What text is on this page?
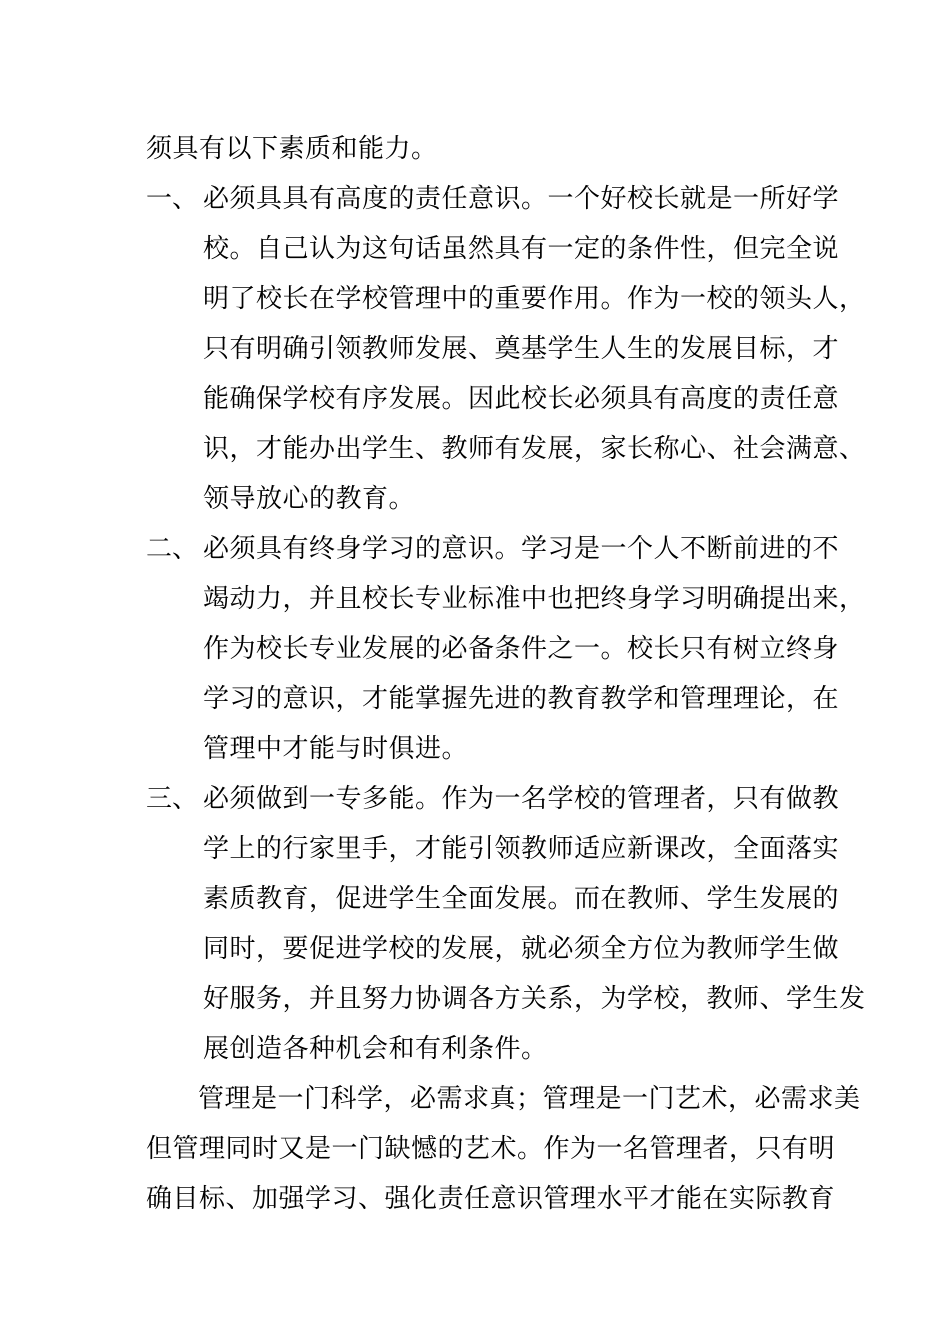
须具有以下素质和能力。
一、 必须具具有高度的责任意识。一个好校长就是一所好学
校。自己认为这句话虽然具有一定的条件性，但完全说
明了校长在学校管理中的重要作用。作为一校的领头人，
只有明确引领教师发展、奠基学生人生的发展目标，才
能确保学校有序发展。因此校长必须具有高度的责任意
识，才能办出学生、教师有发展，家长称心、社会满意、
领导放心的教育。
二、 必须具有终身学习的意识。学习是一个人不断前进的不
竭动力，并且校长专业标准中也把终身学习明确提出来，
作为校长专业发展的必备条件之一。校长只有树立终身
学习的意识，才能掌握先进的教育教学和管理理论，在
管理中才能与时俱进。
三、 必须做到一专多能。作为一名学校的管理者，只有做教
学上的行家里手，才能引领教师适应新课改，全面落实
素质教育，促进学生全面发展。而在教师、学生发展的
同时，要促进学校的发展，就必须全方位为教师学生做
好服务，并且努力协调各方关系，为学校，教师、学生发
展创造各种机会和有利条件。
管理是一门科学，必需求真；管理是一门艺术，必需求美
但管理同时又是一门缺憾的艺术。作为一名管理者，只有明
确目标、加强学习、强化责任意识管理水平才能在实际教育
